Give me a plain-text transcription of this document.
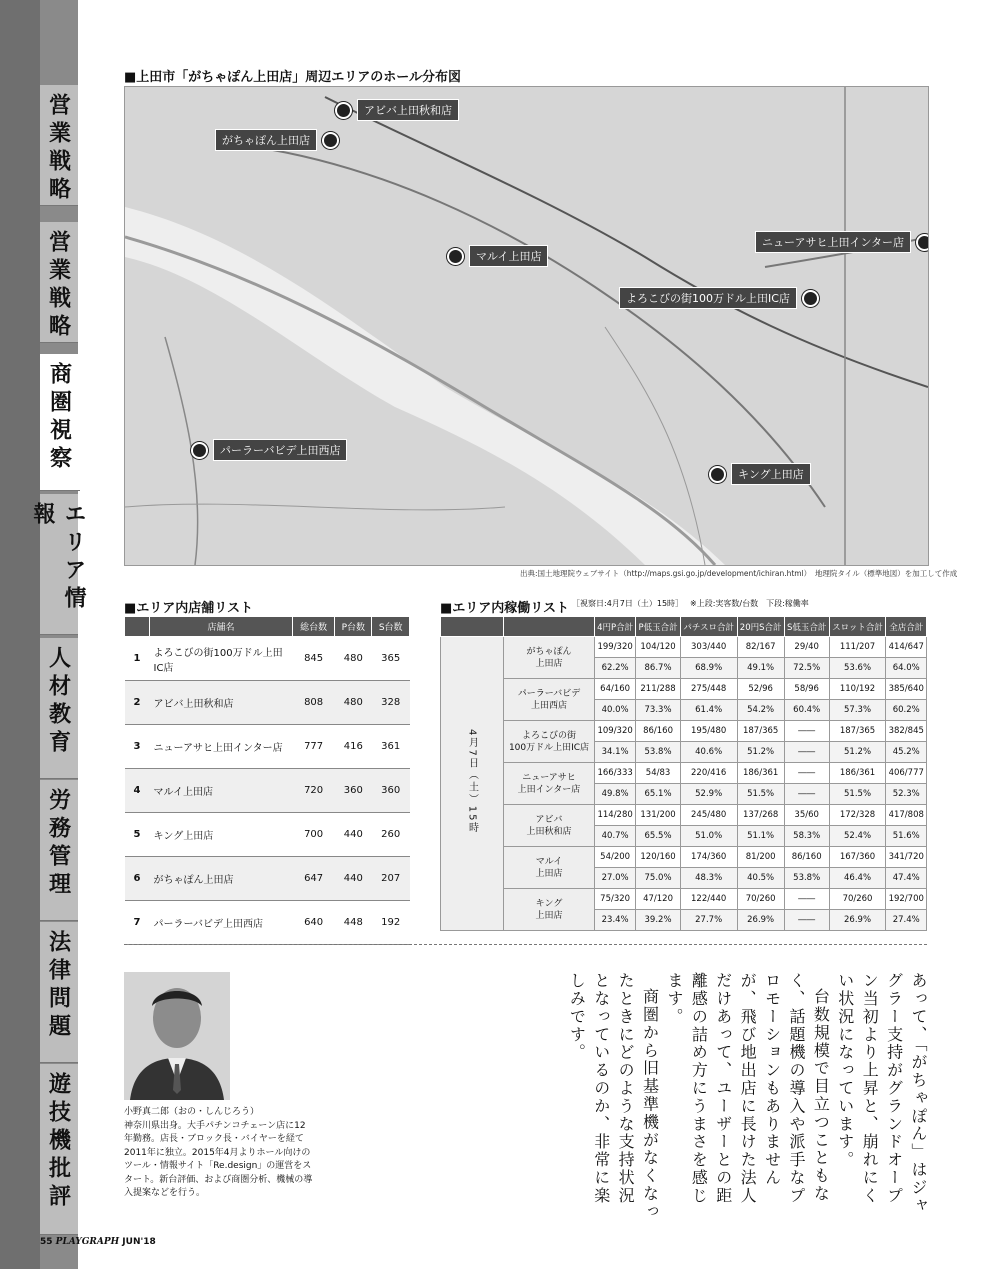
営業戦略
営業戦略
商圏視察
エリア情報
人材教育
労務管理
法律問題
遊技機批評
■ 上田市「がちゃぽん上田店」周辺エリアのホール分布図
アビバ上田秋和店
がちゃぽん上田店
マルイ上田店
ニューアサヒ上田インター店
よろこびの街100万ドル上田IC店
パーラーバビデ上田西店
キング上田店
出典:国土地理院ウェブサイト（http://maps.gsi.go.jp/development/ichiran.html）　地理院タイル（標準地図）を加工して作成
■ エリア内店舗リスト
	店舗名	総台数	P台数	S台数
1	よろこびの街100万ドル上田IC店	845	480	365
2	アビバ上田秋和店	808	480	328
3	ニューアサヒ上田インター店	777	416	361
4	マルイ上田店	720	360	360
5	キング上田店	700	440	260
6	がちゃぽん上田店	647	440	207
7	パーラーバビデ上田西店	640	448	192
■ エリア内稼働リスト ［視察日:4月7日（土）15時］ ※上段:実客数/台数　下段:稼働率
		4円P合計	P低玉合計	パチスロ合計	20円S合計	S低玉合計	スロット合計	全店合計
4月7日（土）15時	がちゃぽん
上田店	199/320	104/120	303/440	82/167	29/40	111/207	414/647
		62.2%	86.7%	68.9%	49.1%	72.5%	53.6%	64.0%
	パーラーバビデ
上田西店	64/160	211/288	275/448	52/96	58/96	110/192	385/640
		40.0%	73.3%	61.4%	54.2%	60.4%	57.3%	60.2%
	よろこびの街
100万ドル上田IC店	109/320	86/160	195/480	187/365	――	187/365	382/845
		34.1%	53.8%	40.6%	51.2%	――	51.2%	45.2%
	ニューアサヒ
上田インター店	166/333	54/83	220/416	186/361	――	186/361	406/777
		49.8%	65.1%	52.9%	51.5%	――	51.5%	52.3%
	アビバ
上田秋和店	114/280	131/200	245/480	137/268	35/60	172/328	417/808
		40.7%	65.5%	51.0%	51.1%	58.3%	52.4%	51.6%
	マルイ
上田店	54/200	120/160	174/360	81/200	86/160	167/360	341/720
		27.0%	75.0%	48.3%	40.5%	53.8%	46.4%	47.4%
	キング
上田店	75/320	47/120	122/440	70/260	――	70/260	192/700
		23.4%	39.2%	27.7%	26.9%	――	26.9%	27.4%
小野真二郎（おの・しんじろう）
神奈川県出身。大手パチンコチェーン店に12年勤務。店長・ブロック長・バイヤーを経て2011年に独立。2015年4月よりホール向けのツール・情報サイト「Re.design」の運営をスタート。新台評価、および商圏分析、機械の導入提案などを行う。	あって、「がちゃぽん」はジャグラー支持がグランドオープン当初より上昇と、崩れにくい状況になっています。

台数規模で目立つこともなく、話題機の導入や派手なプロモーションもありませんが、飛び地出店に長けた法人だけあって、ユーザーとの距離感の詰め方にうまさを感じます。

商圏から旧基準機がなくなったときにどのような支持状況となっているのか、非常に楽しみです。

55 PLAYGRAPH JUN'18
